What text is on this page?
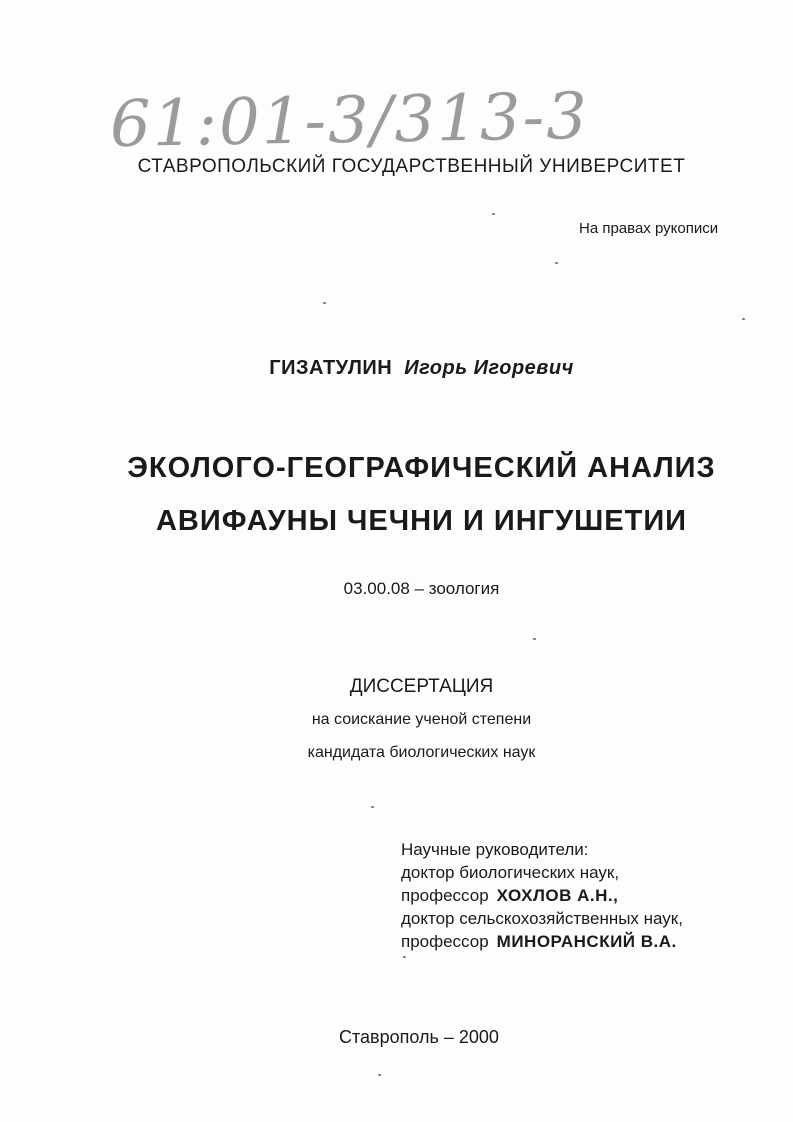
61:01-3/313-3
СТАВРОПОЛЬСКИЙ ГОСУДАРСТВЕННЫЙ УНИВЕРСИТЕТ
На правах рукописи
ГИЗАТУЛИН Игорь Игоревич
ЭКОЛОГО-ГЕОГРАФИЧЕСКИЙ АНАЛИЗ
АВИФАУНЫ ЧЕЧНИ И ИНГУШЕТИИ
03.00.08 – зоология
ДИССЕРТАЦИЯ
на соискание ученой степени
кандидата биологических наук
Научные руководители:
доктор биологических наук,
профессор ХОХЛОВ А.Н.,
доктор сельскохозяйственных наук,
профессор МИНОРАНСКИЙ В.А.
Ставрополь – 2000
